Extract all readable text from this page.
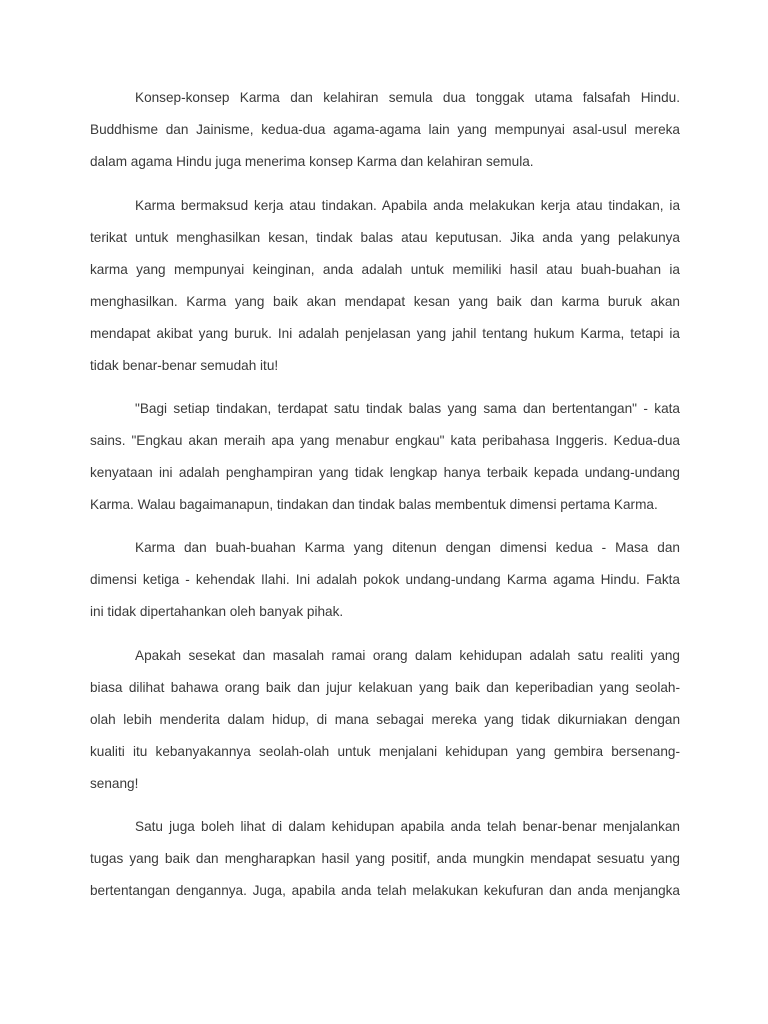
Konsep-konsep Karma dan kelahiran semula dua tonggak utama falsafah Hindu.
Buddhisme dan Jainisme, kedua-dua agama-agama lain yang mempunyai asal-usul mereka
dalam agama Hindu juga menerima konsep Karma dan kelahiran semula.
Karma bermaksud kerja atau tindakan. Apabila anda melakukan kerja atau tindakan, ia
terikat untuk menghasilkan kesan, tindak balas atau keputusan. Jika anda yang pelakunya
karma yang mempunyai keinginan, anda adalah untuk memiliki hasil atau buah-buahan ia
menghasilkan. Karma yang baik akan mendapat kesan yang baik dan karma buruk akan
mendapat akibat yang buruk. Ini adalah penjelasan yang jahil tentang hukum Karma, tetapi ia
tidak benar-benar semudah itu!
"Bagi setiap tindakan, terdapat satu tindak balas yang sama dan bertentangan" - kata
sains. "Engkau akan meraih apa yang menabur engkau" kata peribahasa Inggeris. Kedua-dua
kenyataan ini adalah penghampiran yang tidak lengkap hanya terbaik kepada undang-undang
Karma. Walau bagaimanapun, tindakan dan tindak balas membentuk dimensi pertama Karma.
Karma dan buah-buahan Karma yang ditenun dengan dimensi kedua - Masa dan
dimensi ketiga - kehendak Ilahi. Ini adalah pokok undang-undang Karma agama Hindu. Fakta
ini tidak dipertahankan oleh banyak pihak.
Apakah sesekat dan masalah ramai orang dalam kehidupan adalah satu realiti yang
biasa dilihat bahawa orang baik dan jujur kelakuan yang baik dan keperibadian yang seolah-
olah lebih menderita dalam hidup, di mana sebagai mereka yang tidak dikurniakan dengan
kualiti itu kebanyakannya seolah-olah untuk menjalani kehidupan yang gembira bersenang-
senang!
Satu juga boleh lihat di dalam kehidupan apabila anda telah benar-benar menjalankan
tugas yang baik dan mengharapkan hasil yang positif, anda mungkin mendapat sesuatu yang
bertentangan dengannya. Juga, apabila anda telah melakukan kekufuran dan anda menjangka
